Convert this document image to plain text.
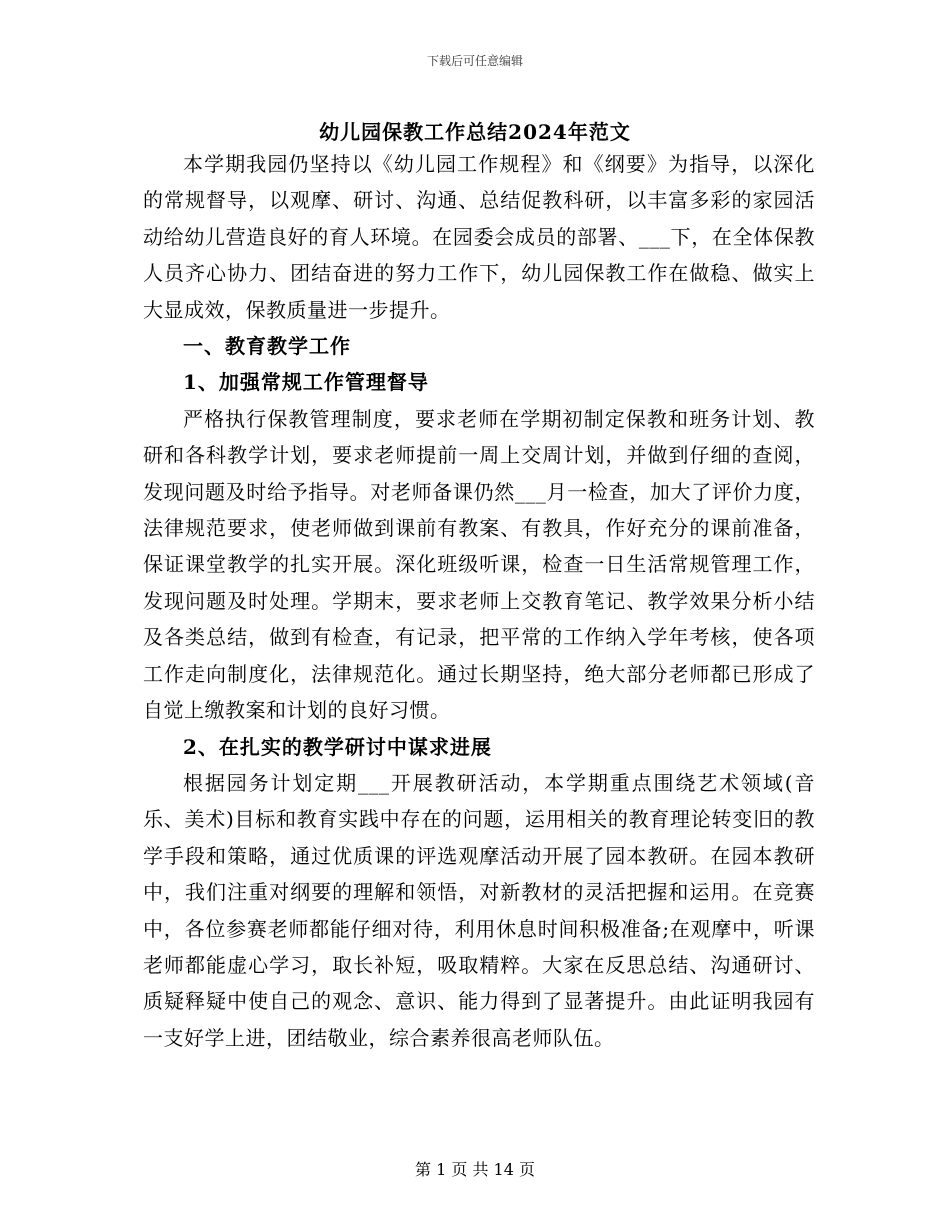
下载后可任意编辑
幼儿园保教工作总结2024年范文

本学期我园仍坚持以《幼儿园工作规程》和《纲要》为指导，以深化的常规督导，以观摩、研讨、沟通、总结促教科研，以丰富多彩的家园活动给幼儿营造良好的育人环境。在园委会成员的部署、___下，在全体保教人员齐心协力、团结奋进的努力工作下，幼儿园保教工作在做稳、做实上大显成效，保教质量进一步提升。

一、教育教学工作
1、加强常规工作管理督导

严格执行保教管理制度，要求老师在学期初制定保教和班务计划、教研和各科教学计划，要求老师提前一周上交周计划，并做到仔细的查阅，发现问题及时给予指导。对老师备课仍然___月一检查，加大了评价力度，法律规范要求，使老师做到课前有教案、有教具，作好充分的课前准备，保证课堂教学的扎实开展。深化班级听课，检查一日生活常规管理工作，发现问题及时处理。学期末，要求老师上交教育笔记、教学效果分析小结及各类总结，做到有检查，有记录，把平常的工作纳入学年考核，使各项工作走向制度化，法律规范化。通过长期坚持，绝大部分老师都已形成了自觉上缴教案和计划的良好习惯。

2、在扎实的教学研讨中谋求进展

根据园务计划定期___开展教研活动，本学期重点围绕艺术领域(音乐、美术)目标和教育实践中存在的问题，运用相关的教育理论转变旧的教学手段和策略，通过优质课的评选观摩活动开展了园本教研。在园本教研中，我们注重对纲要的理解和领悟，对新教材的灵活把握和运用。在竞赛中，各位参赛老师都能仔细对待，利用休息时间积极准备;在观摩中，听课老师都能虚心学习，取长补短，吸取精粹。大家在反思总结、沟通研讨、质疑释疑中使自己的观念、意识、能力得到了显著提升。由此证明我园有一支好学上进，团结敬业，综合素养很高老师队伍。

第 1 页 共 14 页
